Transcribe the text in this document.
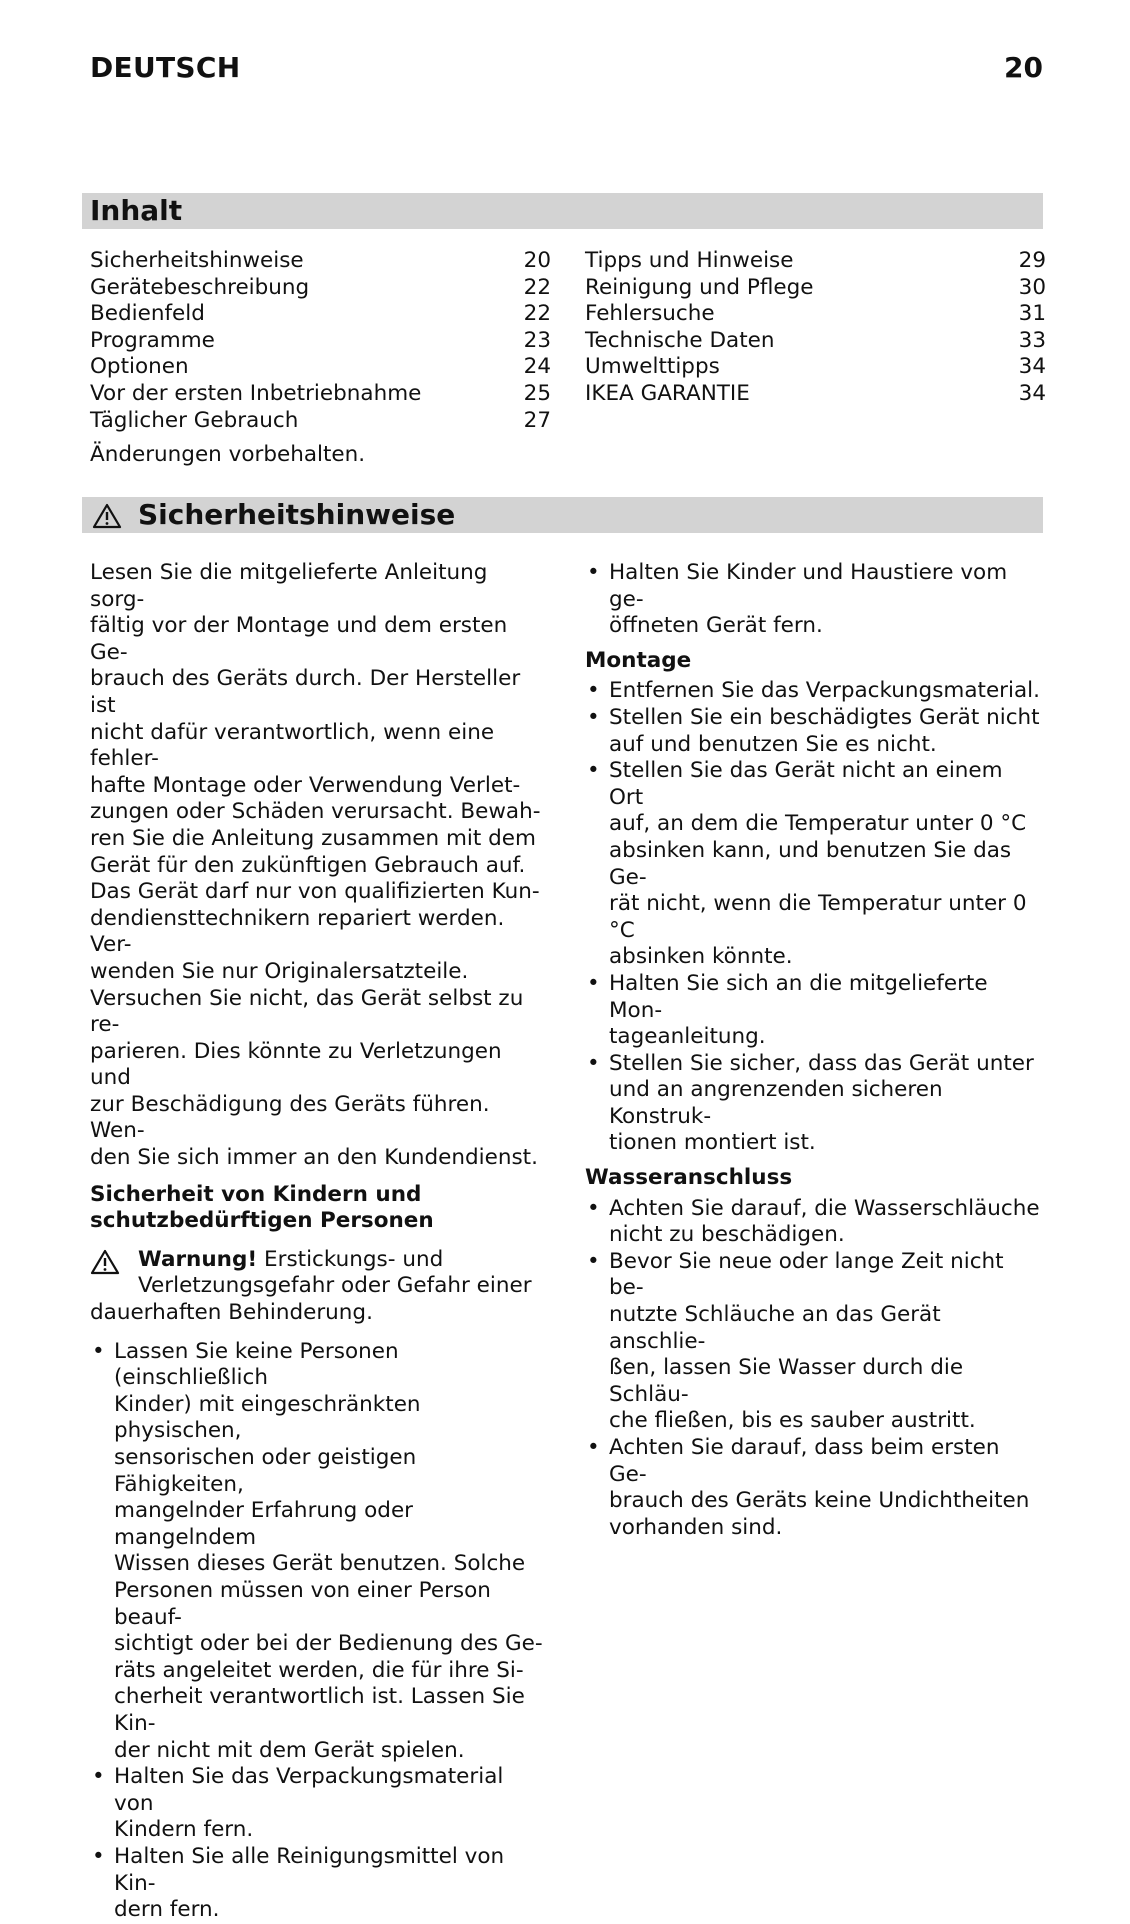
DEUTSCH	20
Inhalt
Sicherheitshinweise	20
Gerätebeschreibung	22
Bedienfeld	22
Programme	23
Optionen	24
Vor der ersten Inbetriebnahme	25
Täglicher Gebrauch	27
Tipps und Hinweise	29
Reinigung und Pflege	30
Fehlersuche	31
Technische Daten	33
Umwelttipps	34
IKEA GARANTIE	34
Änderungen vorbehalten.
Sicherheitshinweise
Lesen Sie die mitgelieferte Anleitung sorg-
fältig vor der Montage und dem ersten Ge-
brauch des Geräts durch. Der Hersteller ist
nicht dafür verantwortlich, wenn eine fehler-
hafte Montage oder Verwendung Verlet-
zungen oder Schäden verursacht. Bewah-
ren Sie die Anleitung zusammen mit dem
Gerät für den zukünftigen Gebrauch auf.
Das Gerät darf nur von qualifizierten Kun-
dendiensttechnikern repariert werden. Ver-
wenden Sie nur Originalersatzteile.
Versuchen Sie nicht, das Gerät selbst zu re-
parieren. Dies könnte zu Verletzungen und
zur Beschädigung des Geräts führen. Wen-
den Sie sich immer an den Kundendienst.
Sicherheit von Kindern und
schutzbedürftigen Personen
Warnung! Erstickungs- und
Verletzungsgefahr oder Gefahr einer
dauerhaften Behinderung.
• Lassen Sie keine Personen (einschließlich
Kinder) mit eingeschränkten physischen,
sensorischen oder geistigen Fähigkeiten,
mangelnder Erfahrung oder mangelndem
Wissen dieses Gerät benutzen. Solche
Personen müssen von einer Person beauf-
sichtigt oder bei der Bedienung des Ge-
räts angeleitet werden, die für ihre Si-
cherheit verantwortlich ist. Lassen Sie Kin-
der nicht mit dem Gerät spielen.
• Halten Sie das Verpackungsmaterial von
Kindern fern.
• Halten Sie alle Reinigungsmittel von Kin-
dern fern.
• Halten Sie Kinder und Haustiere vom ge-
öffneten Gerät fern.
Montage
• Entfernen Sie das Verpackungsmaterial.
• Stellen Sie ein beschädigtes Gerät nicht
auf und benutzen Sie es nicht.
• Stellen Sie das Gerät nicht an einem Ort
auf, an dem die Temperatur unter 0 °C
absinken kann, und benutzen Sie das Ge-
rät nicht, wenn die Temperatur unter 0 °C
absinken könnte.
• Halten Sie sich an die mitgelieferte Mon-
tageanleitung.
• Stellen Sie sicher, dass das Gerät unter
und an angrenzenden sicheren Konstruk-
tionen montiert ist.
Wasseranschluss
• Achten Sie darauf, die Wasserschläuche
nicht zu beschädigen.
• Bevor Sie neue oder lange Zeit nicht be-
nutzte Schläuche an das Gerät anschlie-
ßen, lassen Sie Wasser durch die Schläu-
che fließen, bis es sauber austritt.
• Achten Sie darauf, dass beim ersten Ge-
brauch des Geräts keine Undichtheiten
vorhanden sind.
